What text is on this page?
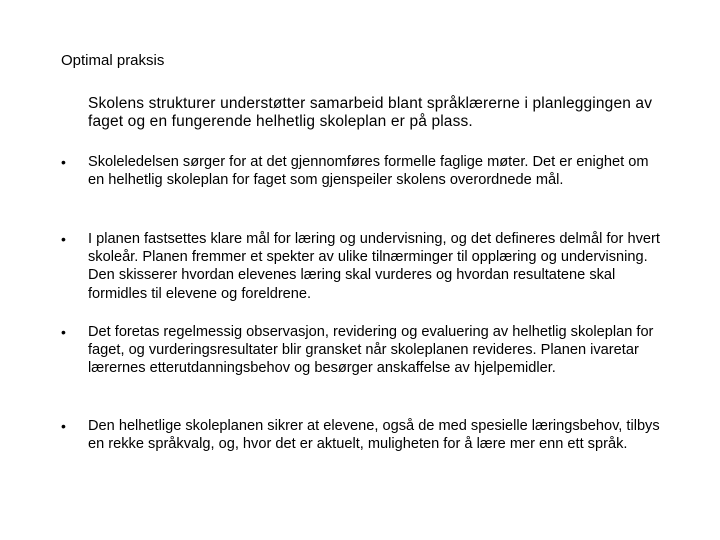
Optimal praksis
Skolens strukturer understøtter samarbeid blant språklærerne i planleggingen av faget og en fungerende helhetlig skoleplan er på plass.
• Skoleledelsen sørger for at det gjennomføres formelle faglige møter. Det er enighet om en helhetlig skoleplan for faget som gjenspeiler skolens overordnede mål.
• I planen fastsettes klare mål for læring og undervisning, og det defineres delmål for hvert skoleår. Planen fremmer et spekter av ulike tilnærminger til opplæring og undervisning. Den skisserer hvordan elevenes læring skal vurderes og hvordan resultatene skal formidles til elevene og foreldrene.
• Det foretas regelmessig observasjon, revidering og evaluering av helhetlig skoleplan for faget, og vurderingsresultater blir gransket når skoleplanen revideres. Planen ivaretar lærernes etterutdanningsbehov og besørger anskaffelse av hjelpemidler.
• Den helhetlige skoleplanen sikrer at elevene, også de med spesielle læringsbehov, tilbys en rekke språkvalg, og, hvor det er aktuelt, muligheten for å lære mer enn ett språk.
